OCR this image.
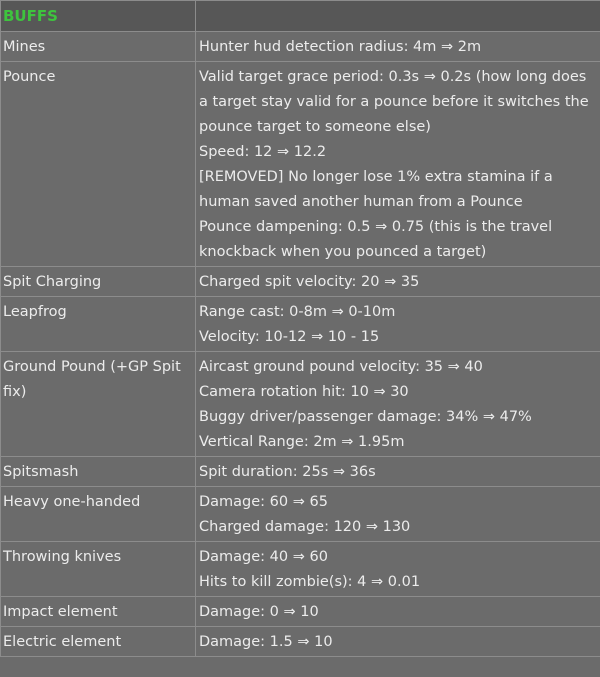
BUFFS	
Mines	Hunter hud detection radius: 4m ⇒ 2m

Pounce	Valid target grace period: 0.3s ⇒ 0.2s (how long does a target stay valid for a pounce before it switches the pounce target to someone else)
Speed: 12 ⇒ 12.2
[REMOVED] No longer lose 1% extra stamina if a human saved another human from a Pounce
Pounce dampening: 0.5 ⇒ 0.75 (this is the travel knockback when you pounced a target)

Spit Charging	Charged spit velocity: 20 ⇒ 35

Leapfrog	Range cast: 0-8m ⇒ 0-10m
Velocity: 10-12 ⇒ 10 - 15

Ground Pound (+GP Spit fix)	Aircast ground pound velocity: 35 ⇒ 40
Camera rotation hit: 10 ⇒ 30
Buggy driver/passenger damage: 34% ⇒ 47%
Vertical Range: 2m ⇒ 1.95m

Spitsmash	Spit duration: 25s ⇒ 36s

Heavy one-handed	Damage: 60 ⇒ 65
Charged damage: 120 ⇒ 130

Throwing knives	Damage: 40 ⇒ 60
Hits to kill zombie(s): 4 ⇒ 0.01

Impact element	Damage: 0 ⇒ 10

Electric element	Damage: 1.5 ⇒ 10
